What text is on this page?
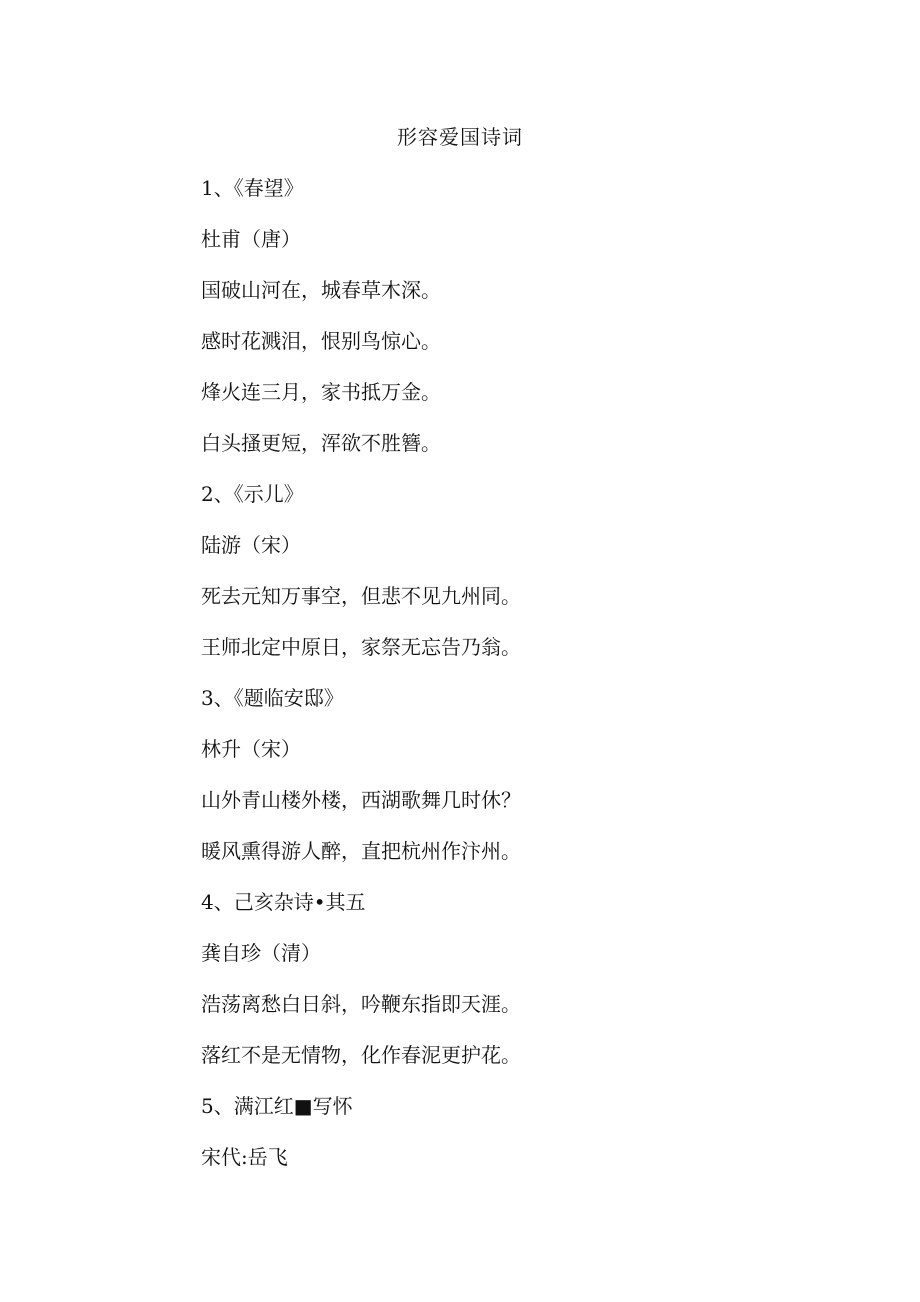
形容爱国诗词
1、《春望》
杜甫（唐）
国破山河在，城春草木深。
感时花溅泪，恨别鸟惊心。
烽火连三月，家书抵万金。
白头搔更短，浑欲不胜簪。
2、《示儿》
陆游（宋）
死去元知万事空，但悲不见九州同。
王师北定中原日，家祭无忘告乃翁。
3、《题临安邸》
林升（宋）
山外青山楼外楼，西湖歌舞几时休？
暖风熏得游人醉，直把杭州作汴州。
4、己亥杂诗•其五
龚自珍（清）
浩荡离愁白日斜，吟鞭东指即天涯。
落红不是无情物，化作春泥更护花。
5、满江红■写怀
宋代:岳飞
